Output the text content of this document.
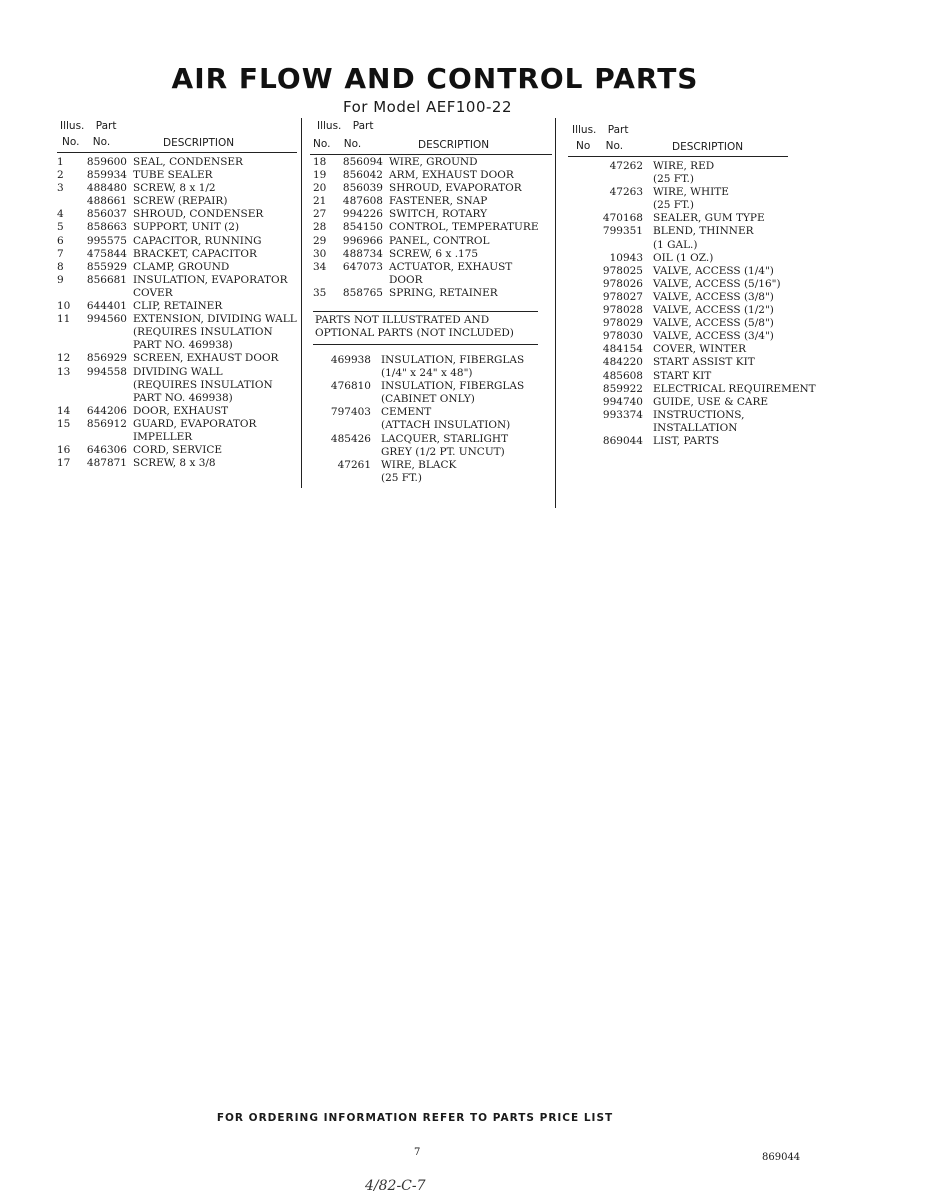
AIR FLOW AND CONTROL PARTS
For Model AEF100-22
Illus. Part
No. No.	DESCRIPTION
1	859600 SEAL, CONDENSER
2	859934 TUBE SEALER
3	488480 SCREW, 8 x 1/2
488661 SCREW (REPAIR)
4	856037 SHROUD, CONDENSER
5	858663 SUPPORT, UNIT (2)
6	995575 CAPACITOR, RUNNING
7	475844 BRACKET, CAPACITOR
8	855929 CLAMP, GROUND
9	856681 INSULATION, EVAPORATOR
COVER
10	644401 CLIP, RETAINER
11	994560 EXTENSION, DIVIDING WALL
(REQUIRES INSULATION
PART NO. 469938)
12	856929 SCREEN, EXHAUST DOOR
13	994558 DIVIDING WALL
(REQUIRES INSULATION
PART NO. 469938)
14	644206 DOOR, EXHAUST
15	856912 GUARD, EVAPORATOR
IMPELLER
16	646306 CORD, SERVICE
17	487871 SCREW, 8 x 3/8
Illus. Part
No. No.	DESCRIPTION
18	856094 WIRE, GROUND
19	856042 ARM, EXHAUST DOOR
20	856039 SHROUD, EVAPORATOR
21	487608 FASTENER, SNAP
27	994226 SWITCH, ROTARY
28	854150 CONTROL, TEMPERATURE
29	996966 PANEL, CONTROL
30	488734 SCREW, 6 x .175
34	647073 ACTUATOR, EXHAUST
DOOR
35	858765 SPRING, RETAINER
PARTS NOT ILLUSTRATED AND
OPTIONAL PARTS (NOT INCLUDED)
469938 INSULATION, FIBERGLAS
(1/4" x 24" x 48")
476810 INSULATION, FIBERGLAS
(CABINET ONLY)
797403 CEMENT
(ATTACH INSULATION)
485426 LACQUER, STARLIGHT
GREY (1/2 PT. UNCUT)
47261 WIRE, BLACK
(25 FT.)
Illus. Part
No No.	DESCRIPTION
47262 WIRE, RED
(25 FT.)
47263 WIRE, WHITE
(25 FT.)
470168 SEALER, GUM TYPE
799351 BLEND, THINNER
(1 GAL.)
10943 OIL (1 OZ.)
978025 VALVE, ACCESS (1/4")
978026 VALVE, ACCESS (5/16")
978027 VALVE, ACCESS (3/8")
978028 VALVE, ACCESS (1/2")
978029 VALVE, ACCESS (5/8")
978030 VALVE, ACCESS (3/4")
484154 COVER, WINTER
484220 START ASSIST KIT
485608 START KIT
859922 ELECTRICAL REQUIREMENT
994740 GUIDE, USE & CARE
993374 INSTRUCTIONS,
INSTALLATION
869044 LIST, PARTS
FOR ORDERING INFORMATION REFER TO PARTS PRICE LIST
7	869044
4/82-C-7
